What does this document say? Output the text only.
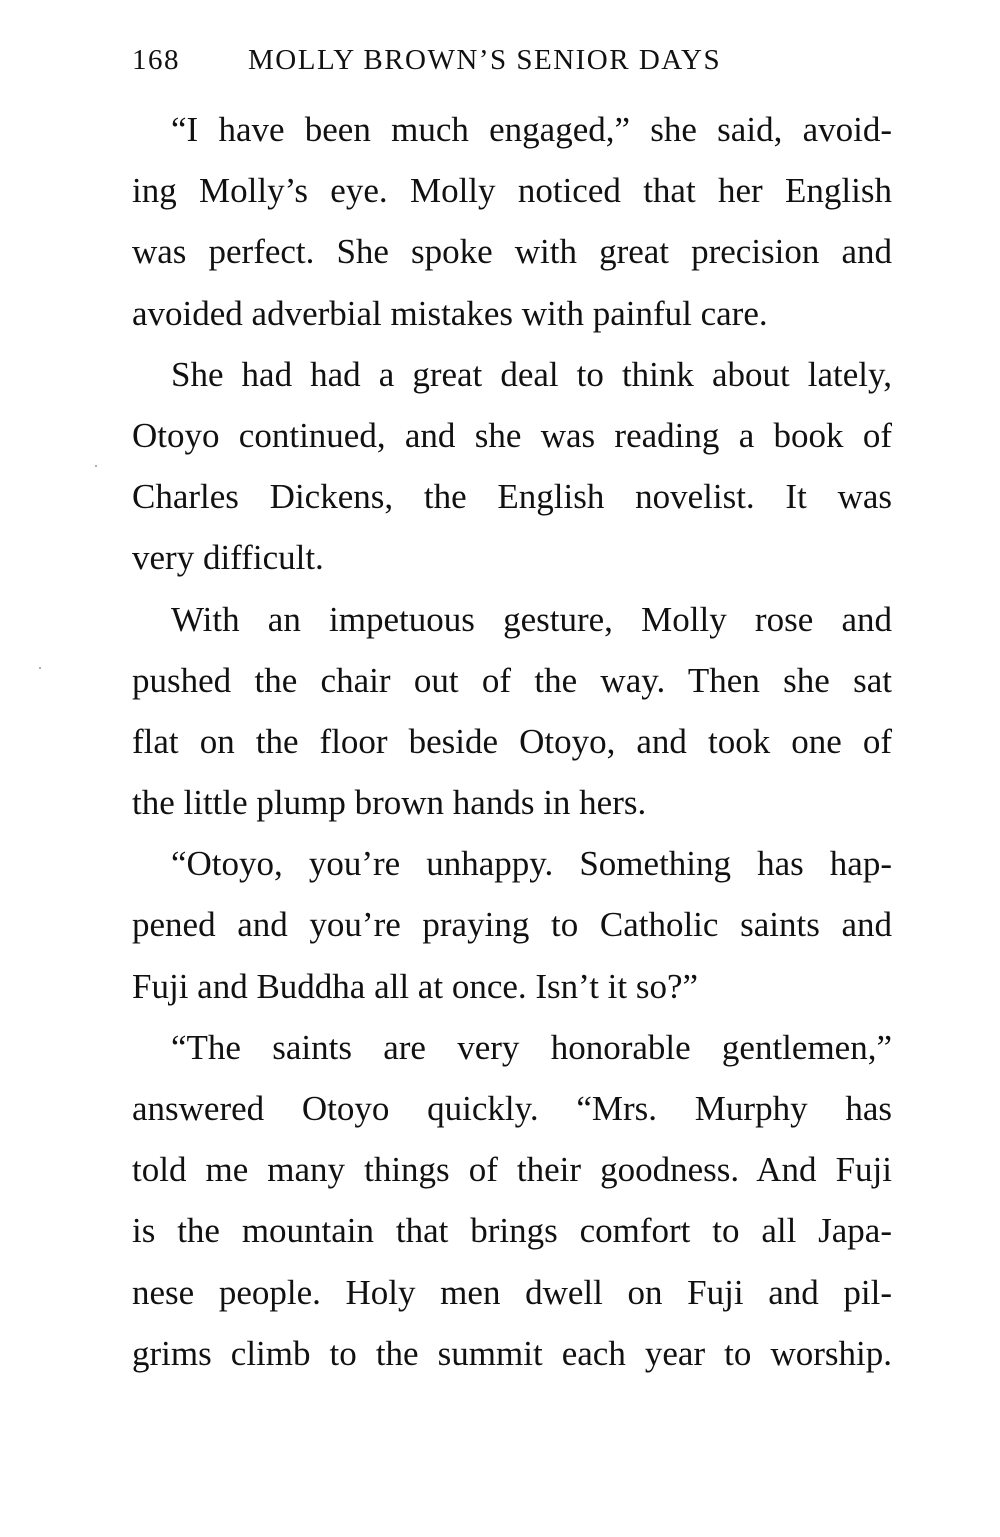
168 MOLLY BROWN’S SENIOR DAYS
“I have been much engaged,” she said, avoid-
ing Molly’s eye. Molly noticed that her English
was perfect. She spoke with great precision and
avoided adverbial mistakes with painful care.
She had had a great deal to think about lately,
Otoyo continued, and she was reading a book of
Charles Dickens, the English novelist. It was
very difficult.
With an impetuous gesture, Molly rose and
pushed the chair out of the way. Then she sat
flat on the floor beside Otoyo, and took one of
the little plump brown hands in hers.
“Otoyo, you’re unhappy. Something has hap-
pened and you’re praying to Catholic saints and
Fuji and Buddha all at once. Isn’t it so?”
“The saints are very honorable gentlemen,”
answered Otoyo quickly. “Mrs. Murphy has
told me many things of their goodness. And Fuji
is the mountain that brings comfort to all Japa-
nese people. Holy men dwell on Fuji and pil-
grims climb to the summit each year to worship.
